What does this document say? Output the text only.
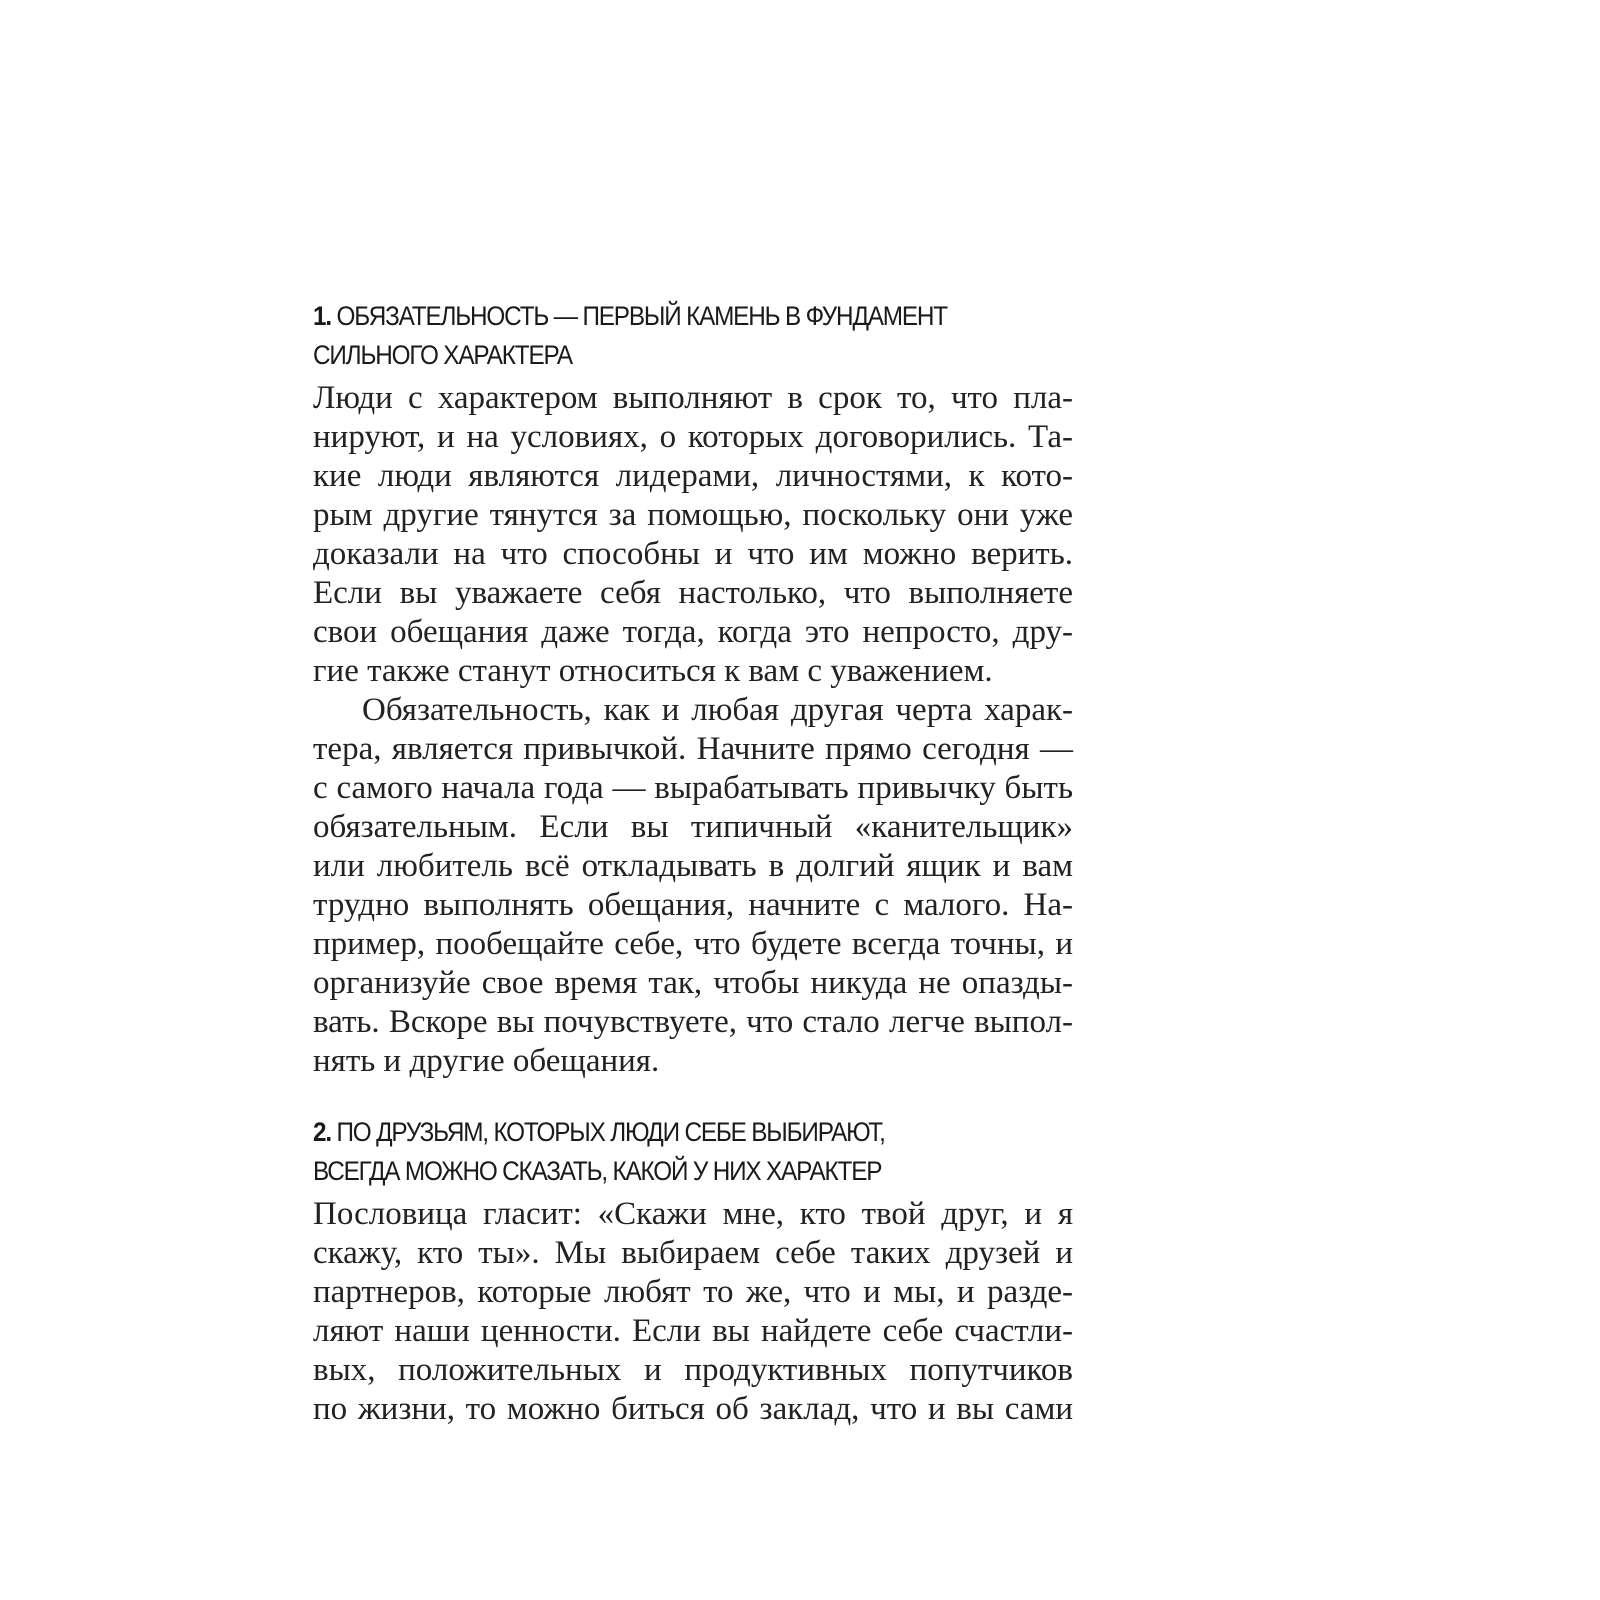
1. ОБЯЗАТЕЛЬНОСТЬ — ПЕРВЫЙ КАМЕНЬ В ФУНДАМЕНТ
СИЛЬНОГО ХАРАКТЕРА
Люди с характером выполняют в срок то, что пла-
нируют, и на условиях, о которых договорились. Та-
кие люди являются лидерами, личностями, к кото-
рым другие тянутся за помощью, поскольку они уже
доказали на что способны и что им можно верить.
Если вы уважаете себя настолько, что выполняете
свои обещания даже тогда, когда это непросто, дру-
гие также станут относиться к вам с уважением.
Обязательность, как и любая другая черта харак-
тера, является привычкой. Начните прямо сегодня —
с самого начала года — вырабатывать привычку быть
обязательным. Если вы типичный «канительщик»
или любитель всё откладывать в долгий ящик и вам
трудно выполнять обещания, начните с малого. На-
пример, пообещайте себе, что будете всегда точны, и
организуйе свое время так, чтобы никуда не опазды-
вать. Вскоре вы почувствуете, что стало легче выпол-
нять и другие обещания.
2. ПО ДРУЗЬЯМ, КОТОРЫХ ЛЮДИ СЕБЕ ВЫБИРАЮТ,
ВСЕГДА МОЖНО СКАЗАТЬ, КАКОЙ У НИХ ХАРАКТЕР
Пословица гласит: «Скажи мне, кто твой друг, и я
скажу, кто ты». Мы выбираем себе таких друзей и
партнеров, которые любят то же, что и мы, и разде-
ляют наши ценности. Если вы найдете себе счастли-
вых, положительных и продуктивных попутчиков
по жизни, то можно биться об заклад, что и вы сами
